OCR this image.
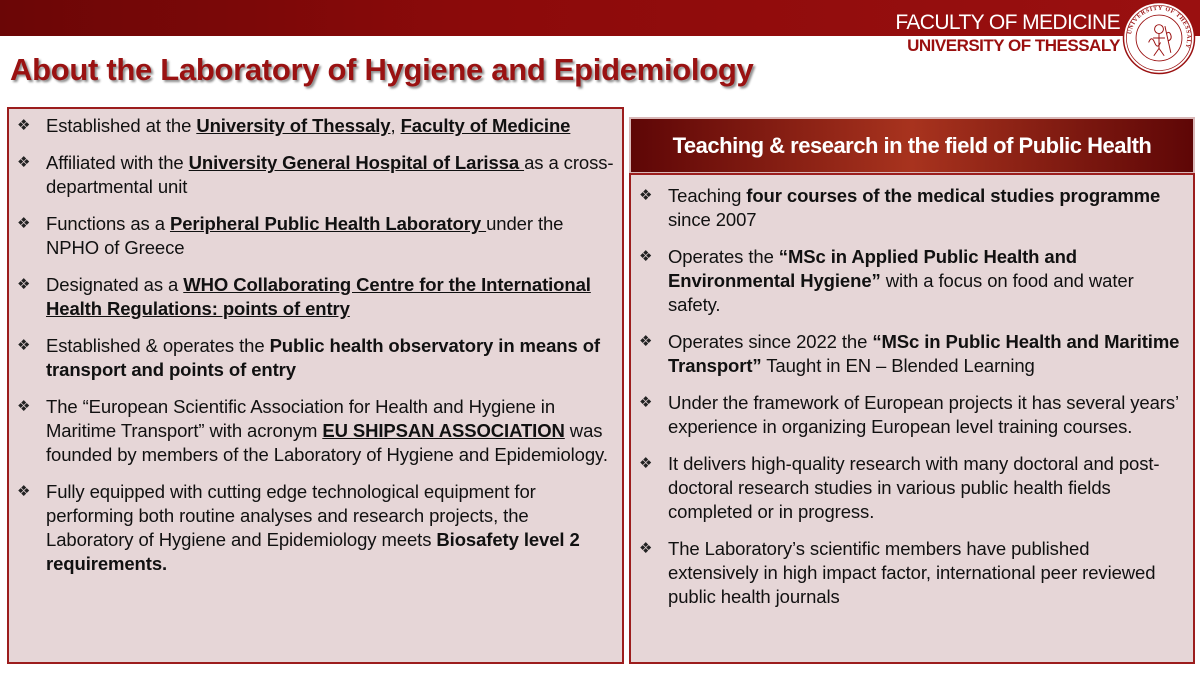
FACULTY OF MEDICINE
UNIVERSITY OF THESSALY
UNIVERSITY OF THESSALY
About the Laboratory of Hygiene and Epidemiology
❖ Established at the University of Thessaly, Faculty of Medicine
❖ Affiliated with the University General Hospital of Larissa as a cross-departmental unit
❖ Functions as a Peripheral Public Health Laboratory under the NPHO of Greece
❖ Designated as a WHO Collaborating Centre for the International Health Regulations: points of entry
❖ Established & operates the Public health observatory in means of transport and points of entry
❖ The “European Scientific Association for Health and Hygiene in Maritime Transport” with acronym EU SHIPSAN ASSOCIATION was founded by members of the Laboratory of Hygiene and Epidemiology.
❖ Fully equipped with cutting edge technological equipment for performing both routine analyses and research projects, the Laboratory of Hygiene and Epidemiology meets Biosafety level 2 requirements.
Teaching & research in the field of Public Health
❖ Teaching four courses of the medical studies programme since 2007
❖ Operates the “MSc in Applied Public Health and Environmental Hygiene” with a focus on food and water safety.
❖ Operates since 2022 the “MSc in Public Health and Maritime Transport” Taught in EN – Blended Learning
❖ Under the framework of European projects it has several years’ experience in organizing European level training courses.
❖ It delivers high-quality research with many doctoral and post-doctoral research studies in various public health fields completed or in progress.
❖ The Laboratory’s scientific members have published extensively in high impact factor, international peer reviewed public health journals
